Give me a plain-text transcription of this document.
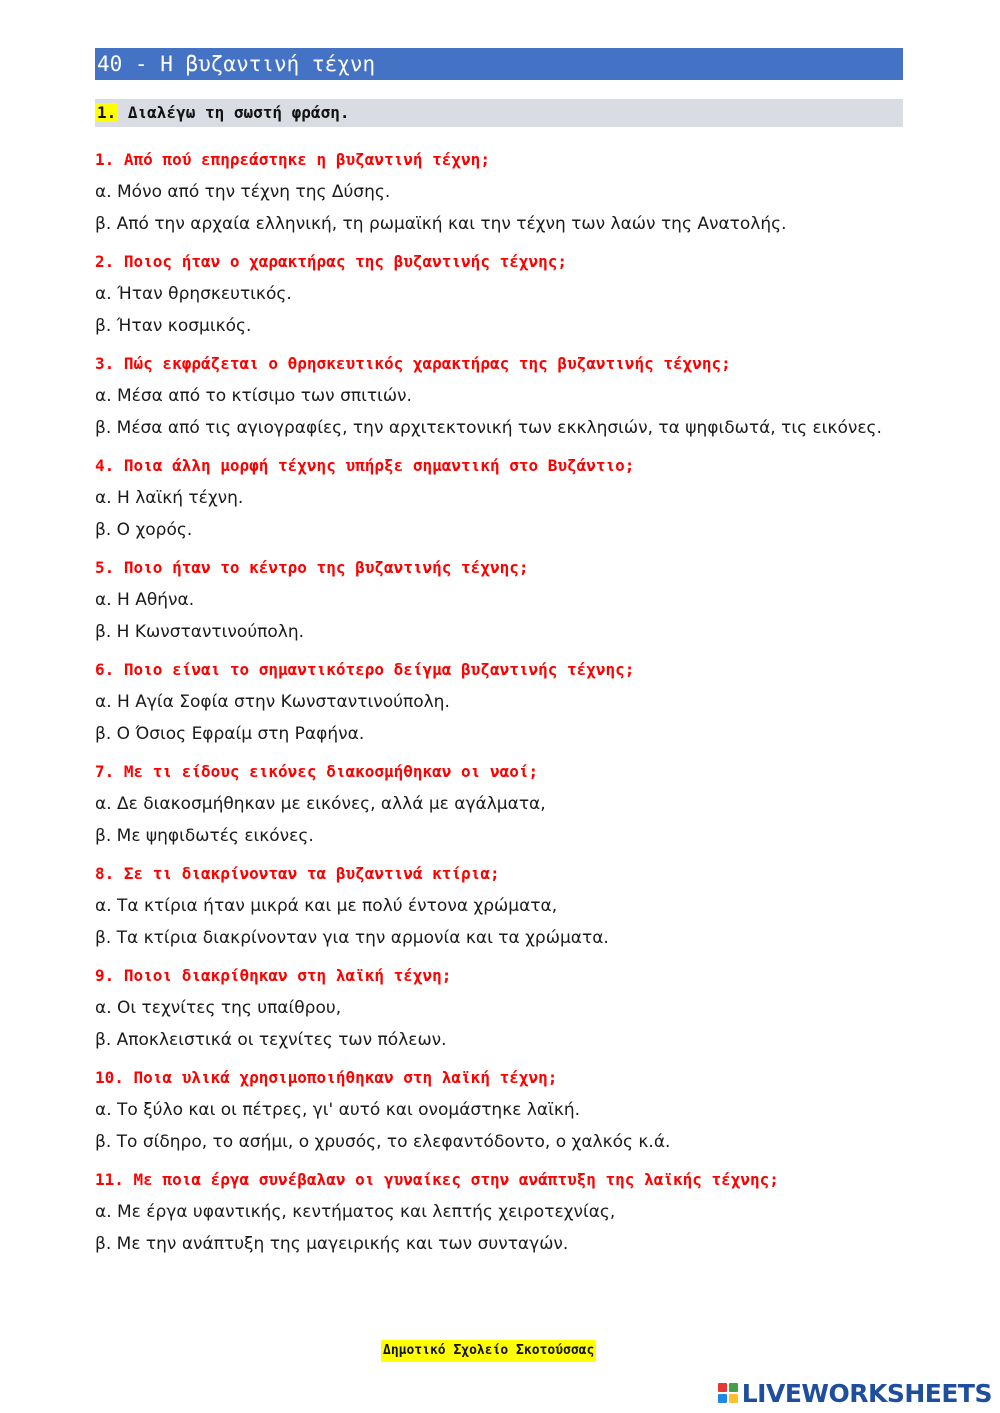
40 - Η βυζαντινή τέχνη
1. Διαλέγω τη σωστή φράση.
1. Από πού επηρεάστηκε η βυζαντινή τέχνη;
α. Μόνο από την τέχνη της Δύσης.
β. Από την αρχαία ελληνική, τη ρωμαϊκή και την τέχνη των λαών της Ανατολής.
2. Ποιος ήταν ο χαρακτήρας της βυζαντινής τέχνης;
α. Ήταν θρησκευτικός.
β. Ήταν κοσμικός.
3. Πώς εκφράζεται ο θρησκευτικός χαρακτήρας της βυζαντινής τέχνης;
α. Μέσα από το κτίσιμο των σπιτιών.
β. Μέσα από τις αγιογραφίες, την αρχιτεκτονική των εκκλησιών, τα ψηφιδωτά, τις εικόνες.
4. Ποια άλλη μορφή τέχνης υπήρξε σημαντική στο Βυζάντιο;
α. Η λαϊκή τέχνη.
β. Ο χορός.
5. Ποιο ήταν το κέντρο της βυζαντινής τέχνης;
α. Η Αθήνα.
β. Η Κωνσταντινούπολη.
6. Ποιο είναι το σημαντικότερο δείγμα βυζαντινής τέχνης;
α. Η Αγία Σοφία στην Κωνσταντινούπολη.
β. Ο Όσιος Εφραίμ στη Ραφήνα.
7. Με τι είδους εικόνες διακοσμήθηκαν οι ναοί;
α. Δε διακοσμήθηκαν με εικόνες, αλλά με αγάλματα,
β. Με ψηφιδωτές εικόνες.
8. Σε τι διακρίνονταν τα βυζαντινά κτίρια;
α. Τα κτίρια ήταν μικρά και με πολύ έντονα χρώματα,
β. Τα κτίρια διακρίνονταν για την αρμονία και τα χρώματα.
9. Ποιοι διακρίθηκαν στη λαϊκή τέχνη;
α. Οι τεχνίτες της υπαίθρου,
β. Αποκλειστικά οι τεχνίτες των πόλεων.
10. Ποια υλικά χρησιμοποιήθηκαν στη λαϊκή τέχνη;
α. Το ξύλο και οι πέτρες, γι' αυτό και ονομάστηκε λαϊκή.
β. Το σίδηρο, το ασήμι, ο χρυσός, το ελεφαντόδοντο, ο χαλκός κ.ά.
11. Με ποια έργα συνέβαλαν οι γυναίκες στην ανάπτυξη της λαϊκής τέχνης;
α. Με έργα υφαντικής, κεντήματος και λεπτής χειροτεχνίας,
β. Με την ανάπτυξη της μαγειρικής και των συνταγών.
Δημοτικό Σχολείο Σκοτούσσας
LIVEWORKSHEETS
